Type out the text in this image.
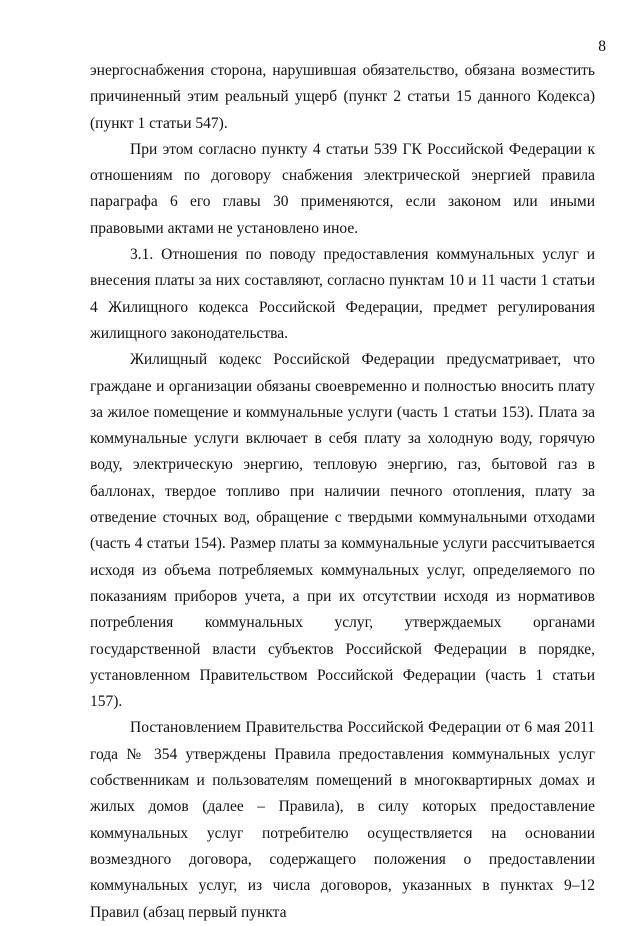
8

энергоснабжения сторона, нарушившая обязательство, обязана возместить причиненный этим реальный ущерб (пункт 2 статьи 15 данного Кодекса) (пункт 1 статьи 547).

При этом согласно пункту 4 статьи 539 ГК Российской Федерации к отношениям по договору снабжения электрической энергией правила параграфа 6 его главы 30 применяются, если законом или иными правовыми актами не установлено иное.

3.1. Отношения по поводу предоставления коммунальных услуг и внесения платы за них составляют, согласно пунктам 10 и 11 части 1 статьи 4 Жилищного кодекса Российской Федерации, предмет регулирования жилищного законодательства.

Жилищный кодекс Российской Федерации предусматривает, что граждане и организации обязаны своевременно и полностью вносить плату за жилое помещение и коммунальные услуги (часть 1 статьи 153). Плата за коммунальные услуги включает в себя плату за холодную воду, горячую воду, электрическую энергию, тепловую энергию, газ, бытовой газ в баллонах, твердое топливо при наличии печного отопления, плату за отведение сточных вод, обращение с твердыми коммунальными отходами (часть 4 статьи 154). Размер платы за коммунальные услуги рассчитывается исходя из объема потребляемых коммунальных услуг, определяемого по показаниям приборов учета, а при их отсутствии исходя из нормативов потребления коммунальных услуг, утверждаемых органами государственной власти субъектов Российской Федерации в порядке, установленном Правительством Российской Федерации (часть 1 статьи 157).

Постановлением Правительства Российской Федерации от 6 мая 2011 года № 354 утверждены Правила предоставления коммунальных услуг собственникам и пользователям помещений в многоквартирных домах и жилых домов (далее – Правила), в силу которых предоставление коммунальных услуг потребителю осуществляется на основании возмездного договора, содержащего положения о предоставлении коммунальных услуг, из числа договоров, указанных в пунктах 9–12 Правил (абзац первый пункта
